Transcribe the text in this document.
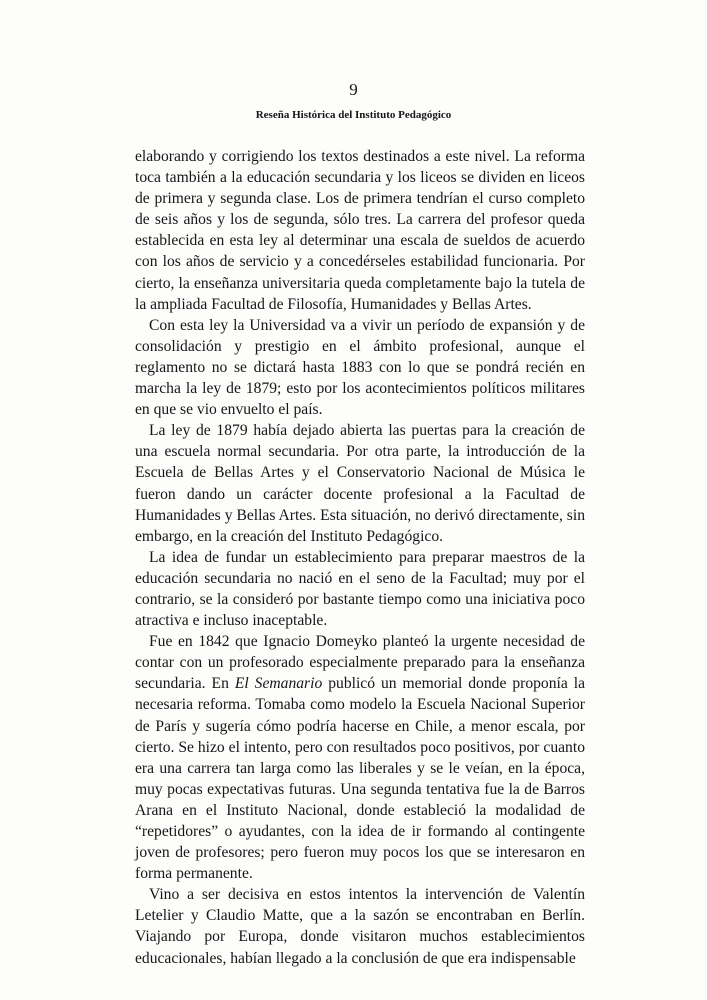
9
Reseña Histórica del Instituto Pedagógico

elaborando y corrigiendo los textos destinados a este nivel. La reforma toca también a la educación secundaria y los liceos se dividen en liceos de primera y segunda clase. Los de primera tendrían el curso completo de seis años y los de segunda, sólo tres. La carrera del profesor queda establecida en esta ley al determinar una escala de sueldos de acuerdo con los años de servicio y a concedérseles estabilidad funcionaria. Por cierto, la enseñanza universitaria queda completamente bajo la tutela de la ampliada Facultad de Filosofía, Humanidades y Bellas Artes.

Con esta ley la Universidad va a vivir un período de expansión y de consolidación y prestigio en el ámbito profesional, aunque el reglamento no se dictará hasta 1883 con lo que se pondrá recién en marcha la ley de 1879; esto por los acontecimientos políticos militares en que se vio envuelto el país.

La ley de 1879 había dejado abierta las puertas para la creación de una escuela normal secundaria. Por otra parte, la introducción de la Escuela de Bellas Artes y el Conservatorio Nacional de Música le fueron dando un carácter docente profesional a la Facultad de Humanidades y Bellas Artes. Esta situación, no derivó directamente, sin embargo, en la creación del Instituto Pedagógico.

La idea de fundar un establecimiento para preparar maestros de la educación secundaria no nació en el seno de la Facultad; muy por el contrario, se la consideró por bastante tiempo como una iniciativa poco atractiva e incluso inaceptable.

Fue en 1842 que Ignacio Domeyko planteó la urgente necesidad de contar con un profesorado especialmente preparado para la enseñanza secundaria. En El Semanario publicó un memorial donde proponía la necesaria reforma. Tomaba como modelo la Escuela Nacional Superior de París y sugería cómo podría hacerse en Chile, a menor escala, por cierto. Se hizo el intento, pero con resultados poco positivos, por cuanto era una carrera tan larga como las liberales y se le veían, en la época, muy pocas expectativas futuras. Una segunda tentativa fue la de Barros Arana en el Instituto Nacional, donde estableció la modalidad de “repetidores” o ayudantes, con la idea de ir formando al contingente joven de profesores; pero fueron muy pocos los que se interesaron en forma permanente.

Vino a ser decisiva en estos intentos la intervención de Valentín Letelier y Claudio Matte, que a la sazón se encontraban en Berlín. Viajando por Europa, donde visitaron muchos establecimientos educacionales, habían llegado a la conclusión de que era indispensable
